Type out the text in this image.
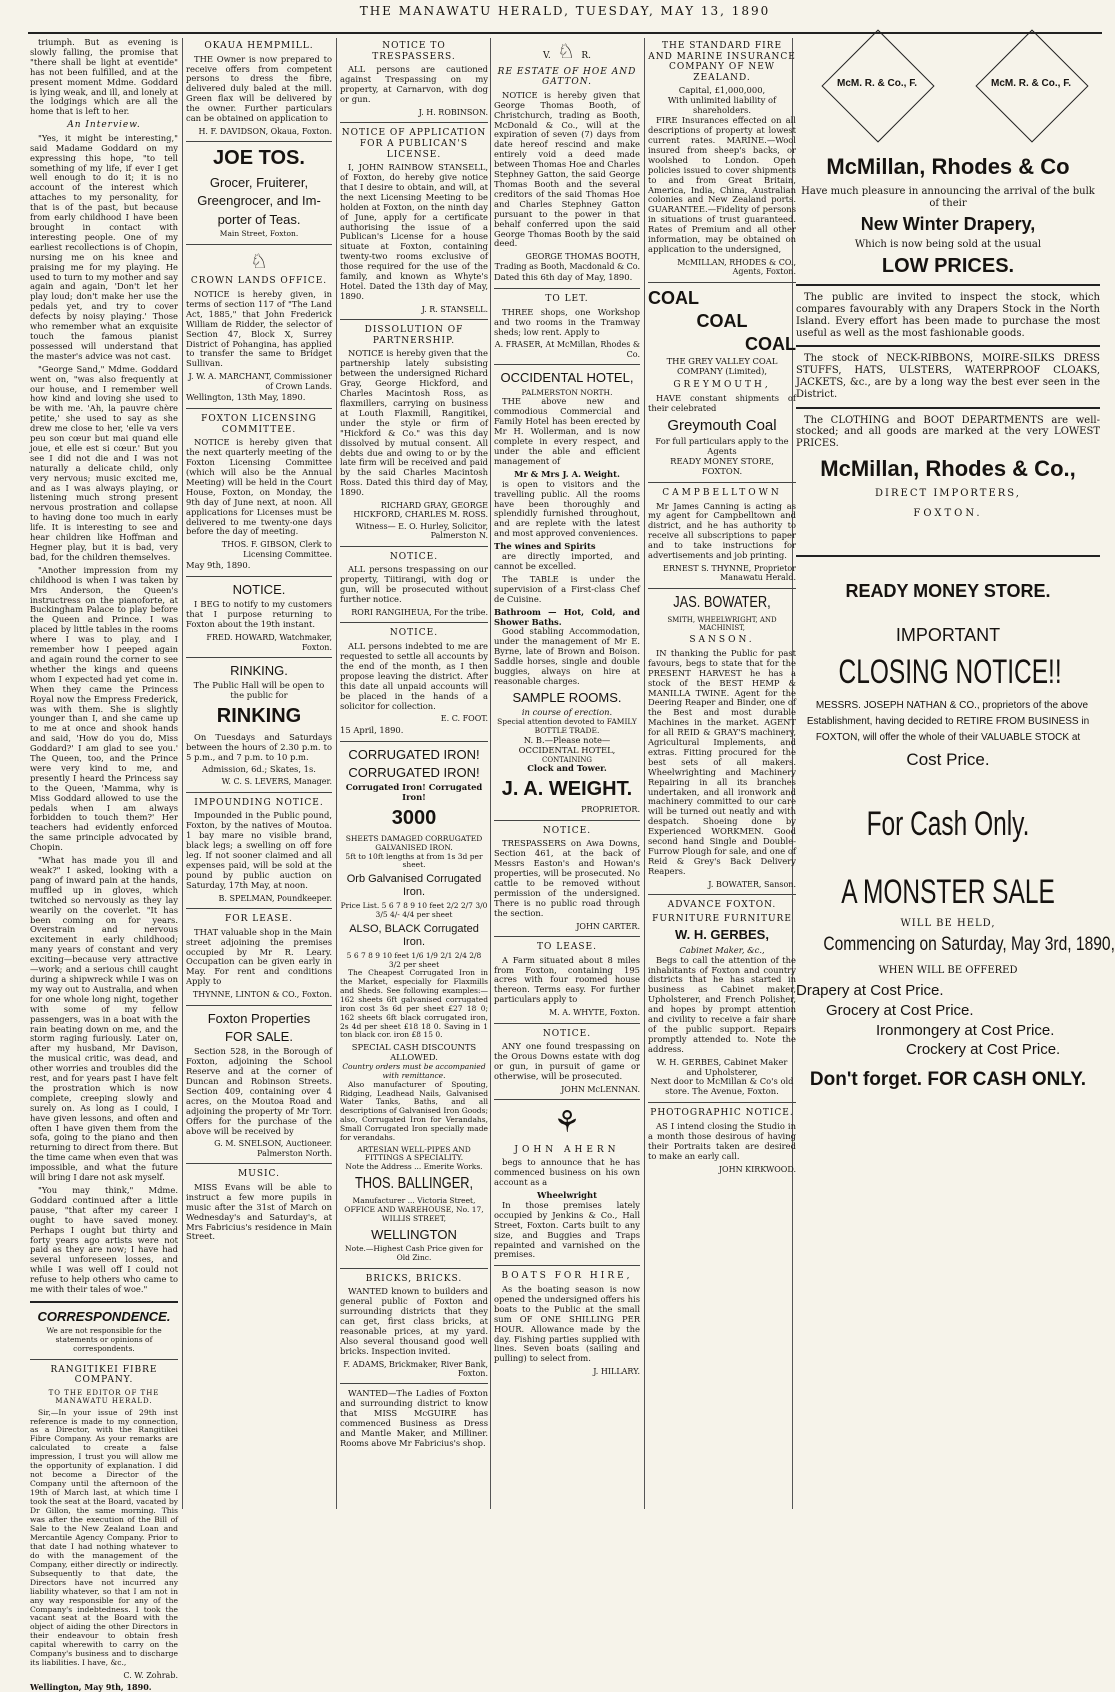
THE MANAWATU HERALD, TUESDAY, MAY 13, 1890

triumph. But as evening is slowly falling, the promise that "there shall be light at eventide" has not been fulfilled, and at the present moment Mdme. Goddard is lying weak, and ill, and lonely at the lodgings which are all the home that is left to her.

An Interview.

"Yes, it might be interesting," said Madame Goddard on my expressing this hope, "to tell something of my life, if ever I get well enough to do it; it is no account of the interest which attaches to my personality, for that is of the past, but because from early childhood I have been brought in contact with interesting people. One of my earliest recollections is of Chopin, nursing me on his knee and praising me for my playing. He used to turn to my mother and say again and again, 'Don't let her play loud; don't make her use the pedals yet, and try to cover defects by noisy playing.' Those who remember what an exquisite touch the famous pianist possessed will understand that the master's advice was not cast.

"George Sand," Mdme. Goddard went on, "was also frequently at our house, and I remember well how kind and loving she used to be with me. 'Ah, la pauvre chère petite,' she used to say as she drew me close to her, 'elle va vers peu son cœur but mai quand elle joue, et elle est si cœur.' But you see I did not die and I was not naturally a delicate child, only very nervous; music excited me, and as I was always playing, or listening much strong present nervous prostration and collapse to having done too much in early life. It is interesting to see and hear children like Hoffman and Hegner play, but it is bad, very bad, for the children themselves.

"Another impression from my childhood is when I was taken by Mrs Anderson, the Queen's instructress on the pianoforte, at Buckingham Palace to play before the Queen and Prince. I was placed by little tables in the rooms where I was to play, and I remember how I peeped again and again round the corner to see whether the kings and queens whom I expected had yet come in. When they came the Princess Royal now the Empress Frederick, was with them. She is slightly younger than I, and she came up to me at once and shook hands and said, 'How do you do, Miss Goddard?' I am glad to see you.' The Queen, too, and the Prince were very kind to me, and presently I heard the Princess say to the Queen, 'Mamma, why is Miss Goddard allowed to use the pedals when I am always forbidden to touch them?' Her teachers had evidently enforced the same principle advocated by Chopin.

"What has made you ill and weak?" I asked, looking with a pang of inward pain at the hands, muffled up in gloves, which twitched so nervously as they lay wearily on the coverlet. "It has been coming on for years. Overstrain and nervous excitement in early childhood; many years of constant and very exciting—because very attractive—work; and a serious chill caught during a shipwreck while I was on my way out to Australia, and when for one whole long night, together with some of my fellow passengers, was in a boat with the rain beating down on me, and the storm raging furiously. Later on, after my husband, Mr Davison, the musical critic, was dead, and other worries and troubles did the rest, and for years past I have felt the prostration which is now complete, creeping slowly and surely on. As long as I could, I have given lessons, and often and often I have given them from the sofa, going to the piano and then returning to direct from there. But the time came when even that was impossible, and what the future will bring I dare not ask myself.

"You may think," Mdme. Goddard continued after a little pause, "that after my career I ought to have saved money. Perhaps I ought but thirty and forty years ago artists were not paid as they are now; I have had several unforeseen losses, and while I was well off I could not refuse to help others who came to me with their tales of woe."

CORRESPONDENCE.
We are not responsible for the statements or opinions of correspondents.
RANGITIKEI FIBRE COMPANY.
TO THE EDITOR OF THE MANAWATU HERALD.

Sir,—In your issue of 29th inst reference is made to my connection, as a Director, with the Rangitikei Fibre Company. As your remarks are calculated to create a false impression, I trust you will allow me the opportunity of explanation. I did not become a Director of the Company until the afternoon of the 19th of March last, at which time I took the seat at the Board, vacated by Dr Gillon, the same morning. This was after the execution of the Bill of Sale to the New Zealand Loan and Mercantile Agency Company. Prior to that date I had nothing whatever to do with the management of the Company, either directly or indirectly. Subsequently to that date, the Directors have not incurred any liability whatever, so that I am not in any way responsible for any of the Company's indebtedness. I took the vacant seat at the Board with the object of aiding the other Directors in their endeavour to obtain fresh capital wherewith to carry on the Company's business and to discharge its liabilities. I have, &c.,

C. W. Zohrab.
Wellington, May 9th, 1890.
OKAUA HEMPMILL.

THE Owner is now prepared to receive offers from competent persons to dress the fibre, delivered duly baled at the mill. Green flax will be delivered by the owner. Further particulars can be obtained on application to

H. F. DAVIDSON, Okaua, Foxton.
JOE TOS.
Grocer, Fruiterer,
Greengrocer, and Im-
porter of Teas.
Main Street, Foxton.
♘
CROWN LANDS OFFICE.

NOTICE is hereby given, in terms of section 117 of "The Land Act, 1885," that John Frederick William de Ridder, the selector of Section 47, Block X, Surrey District of Pohangina, has applied to transfer the same to Bridget Sullivan.

J. W. A. MARCHANT, Commissioner of Crown Lands.
Wellington, 13th May, 1890.
FOXTON LICENSING COMMITTEE.

NOTICE is hereby given that the next quarterly meeting of the Foxton Licensing Committee (which will also be the Annual Meeting) will be held in the Court House, Foxton, on Monday, the 9th day of June next, at noon. All applications for Licenses must be delivered to me twenty-one days before the day of meeting.

THOS. F. GIBSON, Clerk to Licensing Committee.
May 9th, 1890.
NOTICE.

I BEG to notify to my customers that I purpose returning to Foxton about the 19th instant.

FRED. HOWARD, Watchmaker, Foxton.
RINKING.
The Public Hall will be open to the public for
RINKING

On Tuesdays and Saturdays between the hours of 2.30 p.m. to 5 p.m., and 7 p.m. to 10 p.m.

Admission, 6d.; Skates, 1s.
W. C. S. LEVERS, Manager.
IMPOUNDING NOTICE.

Impounded in the Public pound, Foxton, by the natives of Moutoa. 1 bay mare no visible brand, black legs; a swelling on off fore leg. If not sooner claimed and all expenses paid, will be sold at the pound by public auction on Saturday, 17th May, at noon.

B. SPELMAN, Poundkeeper.
FOR LEASE.

THAT valuable shop in the Main street adjoining the premises occupied by Mr R. Leary. Occupation can be given early in May. For rent and conditions Apply to

THYNNE, LINTON & CO., Foxton.
Foxton Properties
FOR SALE.

Section 528, in the Borough of Foxton, adjoining the School Reserve and at the corner of Duncan and Robinson Streets. Section 409, containing over 4 acres, on the Moutoa Road and adjoining the property of Mr Torr. Offers for the purchase of the above will be received by

G. M. SNELSON, Auctioneer. Palmerston North.
MUSIC.

MISS Evans will be able to instruct a few more pupils in music after the 31st of March on Wednesday's and Saturday's, at Mrs Fabricius's residence in Main Street.

NOTICE TO TRESPASSERS.

ALL persons are cautioned against Trespassing on my property, at Carnarvon, with dog or gun.

J. H. ROBINSON.
NOTICE OF APPLICATION FOR A PUBLICAN'S LICENSE.

I, JOHN RAINBOW STANSELL, of Foxton, do hereby give notice that I desire to obtain, and will, at the next Licensing Meeting to be holden at Foxton, on the ninth day of June, apply for a certificate authorising the issue of a Publican's License for a house situate at Foxton, containing twenty-two rooms exclusive of those required for the use of the family, and known as Whyte's Hotel. Dated the 13th day of May, 1890.

J. R. STANSELL.
DISSOLUTION OF PARTNERSHIP.

NOTICE is hereby given that the partnership lately subsisting between the undersigned Richard Gray, George Hickford, and Charles Macintosh Ross, as flaxmillers, carrying on business at Louth Flaxmill, Rangitikei, under the style or firm of "Hickford & Co." was this day dissolved by mutual consent. All debts due and owing to or by the late firm will be received and paid by the said Charles Macintosh Ross. Dated this third day of May, 1890.

RICHARD GRAY, GEORGE HICKFORD, CHARLES M. ROSS.
Witness— E. O. Hurley, Solicitor, Palmerston N.
NOTICE.

ALL persons trespassing on our property, Tiitirangi, with dog or gun, will be prosecuted without further notice.

RORI RANGIHEUA, For the tribe.
NOTICE.

ALL persons indebted to me are requested to settle all accounts by the end of the month, as I then propose leaving the district. After this date all unpaid accounts will be placed in the hands of a solicitor for collection.

E. C. FOOT.
15 April, 1890.
CORRUGATED IRON!
CORRUGATED IRON!
Corrugated Iron! Corrugated Iron!
3000
SHEETS DAMAGED CORRUGATED GALVANISED IRON.
5ft to 10ft lengths at from 1s 3d per sheet.
Orb Galvanised Corrugated Iron.
Price List. 5 6 7 8 9 10 feet 2/2 2/7 3/0 3/5 4/- 4/4 per sheet
ALSO, BLACK Corrugated Iron.
5 6 7 8 9 10 feet 1/6 1/9 2/1 2/4 2/8 3/2 per sheet

The Cheapest Corrugated Iron in the Market, especially for Flaxmills and Sheds. See following examples:— 162 sheets 6ft galvanised corrugated iron cost 3s 6d per sheet £27 18 0; 162 sheets 6ft black corrugated iron, 2s 4d per sheet £18 18 0. Saving in 1 ton black cor. iron £8 15 0.

SPECIAL CASH DISCOUNTS ALLOWED.
Country orders must be accompanied with remittance.

Also manufacturer of Spouting, Ridging, Leadhead Nails, Galvanised Water Tanks, Baths, and all descriptions of Galvanised Iron Goods; also, Corrugated Iron for Verandahs, Small Corrugated Iron specially made for verandahs.

ARTESIAN WELL-PIPES AND FITTINGS A SPECIALITY.
Note the Address ... Emerite Works.
THOS. BALLINGER,
Manufacturer ... Victoria Street, OFFICE AND WAREHOUSE, No. 17, WILLIS STREET,
WELLINGTON
Note.—Highest Cash Price given for Old Zinc.
BRICKS, BRICKS.

WANTED known to builders and general public of Foxton and surrounding districts that they can get, first class bricks, at reasonable prices, at my yard. Also several thousand good well bricks. Inspection invited.

F. ADAMS, Brickmaker, River Bank, Foxton.

WANTED—The Ladies of Foxton and surrounding district to know that MISS McGUIRE has commenced Business as Dress and Mantle Maker, and Milliner. Rooms above Mr Fabricius's shop.

V. ♘ R.
RE ESTATE OF HOE AND GATTON.

NOTICE is hereby given that George Thomas Booth, of Christchurch, trading as Booth, McDonald & Co., will at the expiration of seven (7) days from date hereof rescind and make entirely void a deed made between Thomas Hoe and Charles Stephney Gatton, the said George Thomas Booth and the several creditors of the said Thomas Hoe and Charles Stephney Gatton pursuant to the power in that behalf conferred upon the said George Thomas Booth by the said deed.

GEORGE THOMAS BOOTH, Trading as Booth, Macdonald & Co.
Dated this 6th day of May, 1890.
TO LET.

THREE shops, one Workshop and two rooms in the Tramway sheds; low rent. Apply to

A. FRASER, At McMillan, Rhodes & Co.
OCCIDENTAL HOTEL,
PALMERSTON NORTH.

THE above new and commodious Commercial and Family Hotel has been erected by Mr H. Wollerman, and is now complete in every respect, and under the able and efficient management of

Mr & Mrs J. A. Weight.

is open to visitors and the travelling public. All the rooms have been thoroughly and splendidly furnished throughout, and are replete with the latest and most approved conveniences.

The wines and Spirits

are directly imported, and cannot be excelled.

The TABLE is under the supervision of a First-class Chef de Cuisine.

Bathroom — Hot, Cold, and Shower Baths.

Good stabling Accommodation, under the management of Mr E. Byrne, late of Brown and Boison. Saddle horses, single and double buggies, always on hire at reasonable charges.

SAMPLE ROOMS.
in course of erection.
Special attention devoted to FAMILY BOTTLE TRADE.
N. B.—Please note—
OCCIDENTAL HOTEL,
CONTAINING
Clock and Tower.
J. A. WEIGHT.
PROPRIETOR.
NOTICE.

TRESPASSERS on Awa Downs, Section 461, at the back of Messrs Easton's and Howan's properties, will be prosecuted. No cattle to be removed without permission of the undersigned. There is no public road through the section.

JOHN CARTER.
TO LEASE.

A Farm situated about 8 miles from Foxton, containing 195 acres with four roomed house thereon. Terms easy. For further particulars apply to

M. A. WHYTE, Foxton.
NOTICE.

ANY one found trespassing on the Orous Downs estate with dog or gun, in pursuit of game or otherwise, will be prosecuted.

JOHN McLENNAN.
⚘
JOHN AHERN

begs to announce that he has commenced business on his own account as a

Wheelwright

In those premises lately occupied by Jenkins & Co., Hall Street, Foxton. Carts built to any size, and Buggies and Traps repainted and varnished on the premises.

BOATS FOR HIRE,

As the boating season is now opened the undersigned offers his boats to the Public at the small sum OF ONE SHILLING PER HOUR. Allowance made by the day. Fishing parties supplied with lines. Seven boats (sailing and pulling) to select from.

J. HILLARY.
THE STANDARD FIRE AND MARINE INSURANCE COMPANY OF NEW ZEALAND.
Capital, £1,000,000,
With unlimited liability of shareholders.

FIRE Insurances effected on all descriptions of property at lowest current rates. MARINE.—Wool insured from sheep's backs, or woolshed to London. Open policies issued to cover shipments to and from Great Britain, America, India, China, Australian colonies and New Zealand ports. GUARANTEE.—Fidelity of persons in situations of trust guaranteed. Rates of Premium and all other information, may be obtained on application to the undersigned,

McMILLAN, RHODES & CO., Agents, Foxton.
COAL
COAL
COAL
THE GREY VALLEY COAL COMPANY (Limited),
GREYMOUTH,

HAVE constant shipments of their celebrated

Greymouth Coal
For full particulars apply to the Agents
READY MONEY STORE,
FOXTON.
CAMPBELLTOWN

Mr James Canning is acting as my agent for Campbelltown and district, and he has authority to receive all subscriptions to paper and to take instructions for advertisements and job printing.

ERNEST S. THYNNE, Proprietor Manawatu Herald.
JAS. BOWATER,
SMITH, WHEELWRIGHT, AND MACHINIST,
SANSON.

IN thanking the Public for past favours, begs to state that for the PRESENT HARVEST he has a stock of the BEST HEMP & MANILLA TWINE. Agent for the Deering Reaper and Binder, one of the Best and most durable Machines in the market. AGENT for all REID & GRAY'S machinery, Agricultural Implements, and extras. Fitting procured for the best sets of all makers. Wheelwrighting and Machinery Repairing in all its branches undertaken, and all ironwork and machinery committed to our care will be turned out neatly and with despatch. Shoeing done by Experienced WORKMEN. Good second hand Single and Double-Furrow Plough for sale, and one of Reid & Grey's Back Delivery Reapers.

J. BOWATER, Sanson.
ADVANCE FOXTON.
FURNITURE FURNITURE
W. H. GERBES,
Cabinet Maker, &c.,

Begs to call the attention of the inhabitants of Foxton and country districts that he has started in business as Cabinet maker, Upholsterer, and French Polisher, and hopes by prompt attention and civility to receive a fair share of the public support. Repairs promptly attended to. Note the address.

W. H. GERBES, Cabinet Maker and Upholsterer,
Next door to McMillan & Co's old store. The Avenue, Foxton.
PHOTOGRAPHIC NOTICE.

AS I intend closing the Studio in a month those desirous of having their Portraits taken are desired to make an early call.

JOHN KIRKWOOD.
McM. R. & Co., F.	McM. R. & Co., F.
McMillan, Rhodes & Co
Have much pleasure in announcing the arrival of the bulk of their
New Winter Drapery,
Which is now being sold at the usual
LOW PRICES.

The public are invited to inspect the stock, which compares favourably with any Drapers Stock in the North Island. Every effort has been made to purchase the most useful as well as the most fashionable goods.

The stock of NECK-RIBBONS, MOIRE-SILKS DRESS STUFFS, HATS, ULSTERS, WATERPROOF CLOAKS, JACKETS, &c., are by a long way the best ever seen in the District.

The CLOTHING and BOOT DEPARTMENTS are well-stocked; and all goods are marked at the very LOWEST PRICES.

McMillan, Rhodes & Co.,
DIRECT IMPORTERS,
FOXTON.
READY MONEY STORE.
IMPORTANT
CLOSING NOTICE!!

MESSRS. JOSEPH NATHAN & CO., proprietors of the above Establishment, having decided to RETIRE FROM BUSINESS in FOXTON, will offer the whole of their VALUABLE STOCK at

Cost Price.
For Cash Only.
A MONSTER SALE
WILL BE HELD,
Commencing on Saturday, May 3rd, 1890,
WHEN WILL BE OFFERED
Drapery at Cost Price.
Grocery at Cost Price.
Ironmongery at Cost Price.
Crockery at Cost Price.
Don't forget. FOR CASH ONLY.
